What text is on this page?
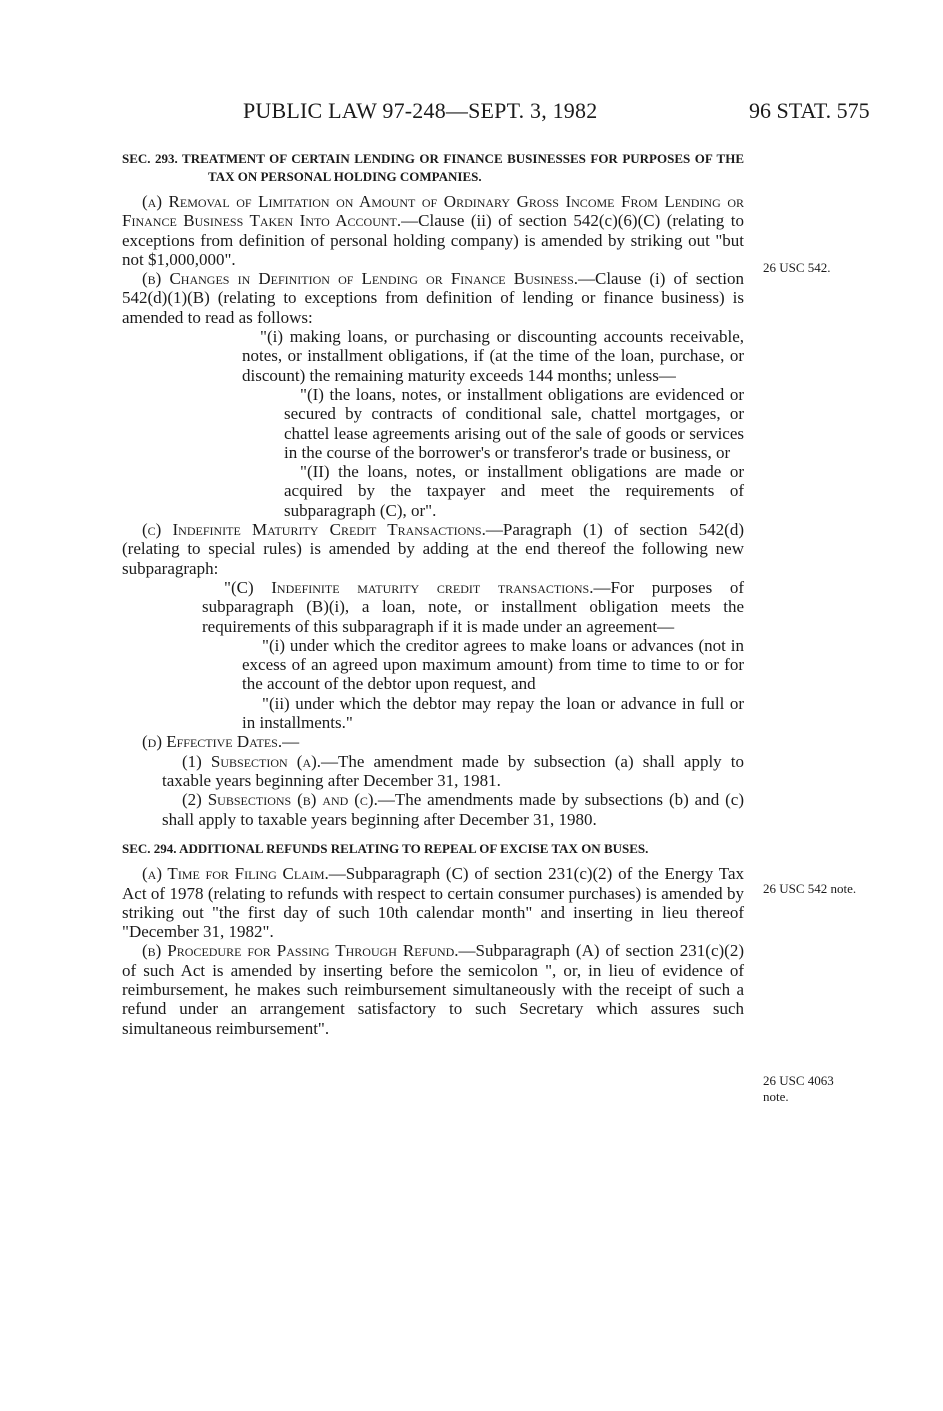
PUBLIC LAW 97-248—SEPT. 3, 1982	96 STAT. 575

SEC. 293. TREATMENT OF CERTAIN LENDING OR FINANCE BUSINESSES FOR PURPOSES OF THE TAX ON PERSONAL HOLDING COMPANIES.

(a) Removal of Limitation on Amount of Ordinary Gross Income From Lending or Finance Business Taken Into Account.—Clause (ii) of section 542(c)(6)(C) (relating to exceptions from definition of personal holding company) is amended by striking out "but not $1,000,000".

(b) Changes in Definition of Lending or Finance Business.—Clause (i) of section 542(d)(1)(B) (relating to exceptions from definition of lending or finance business) is amended to read as follows:

"(i) making loans, or purchasing or discounting accounts receivable, notes, or installment obligations, if (at the time of the loan, purchase, or discount) the remaining maturity exceeds 144 months; unless—

"(I) the loans, notes, or installment obligations are evidenced or secured by contracts of conditional sale, chattel mortgages, or chattel lease agreements arising out of the sale of goods or services in the course of the borrower's or transferor's trade or business, or

"(II) the loans, notes, or installment obligations are made or acquired by the taxpayer and meet the requirements of subparagraph (C), or".

(c) Indefinite Maturity Credit Transactions.—Paragraph (1) of section 542(d) (relating to special rules) is amended by adding at the end thereof the following new subparagraph:

"(C) Indefinite maturity credit transactions.—For purposes of subparagraph (B)(i), a loan, note, or installment obligation meets the requirements of this subparagraph if it is made under an agreement—

"(i) under which the creditor agrees to make loans or advances (not in excess of an agreed upon maximum amount) from time to time to or for the account of the debtor upon request, and

"(ii) under which the debtor may repay the loan or advance in full or in installments."

(d) Effective Dates.—

(1) Subsection (a).—The amendment made by subsection (a) shall apply to taxable years beginning after December 31, 1981.

(2) Subsections (b) and (c).—The amendments made by subsections (b) and (c) shall apply to taxable years beginning after December 31, 1980.

SEC. 294. ADDITIONAL REFUNDS RELATING TO REPEAL OF EXCISE TAX ON BUSES.

(a) Time for Filing Claim.—Subparagraph (C) of section 231(c)(2) of the Energy Tax Act of 1978 (relating to refunds with respect to certain consumer purchases) is amended by striking out "the first day of such 10th calendar month" and inserting in lieu thereof "December 31, 1982".

(b) Procedure for Passing Through Refund.—Subparagraph (A) of section 231(c)(2) of such Act is amended by inserting before the semicolon ", or, in lieu of evidence of reimbursement, he makes such reimbursement simultaneously with the receipt of such a refund under an arrangement satisfactory to such Secretary which assures such simultaneous reimbursement".

26 USC 542.
26 USC 542 note.
26 USC 4063
note.
